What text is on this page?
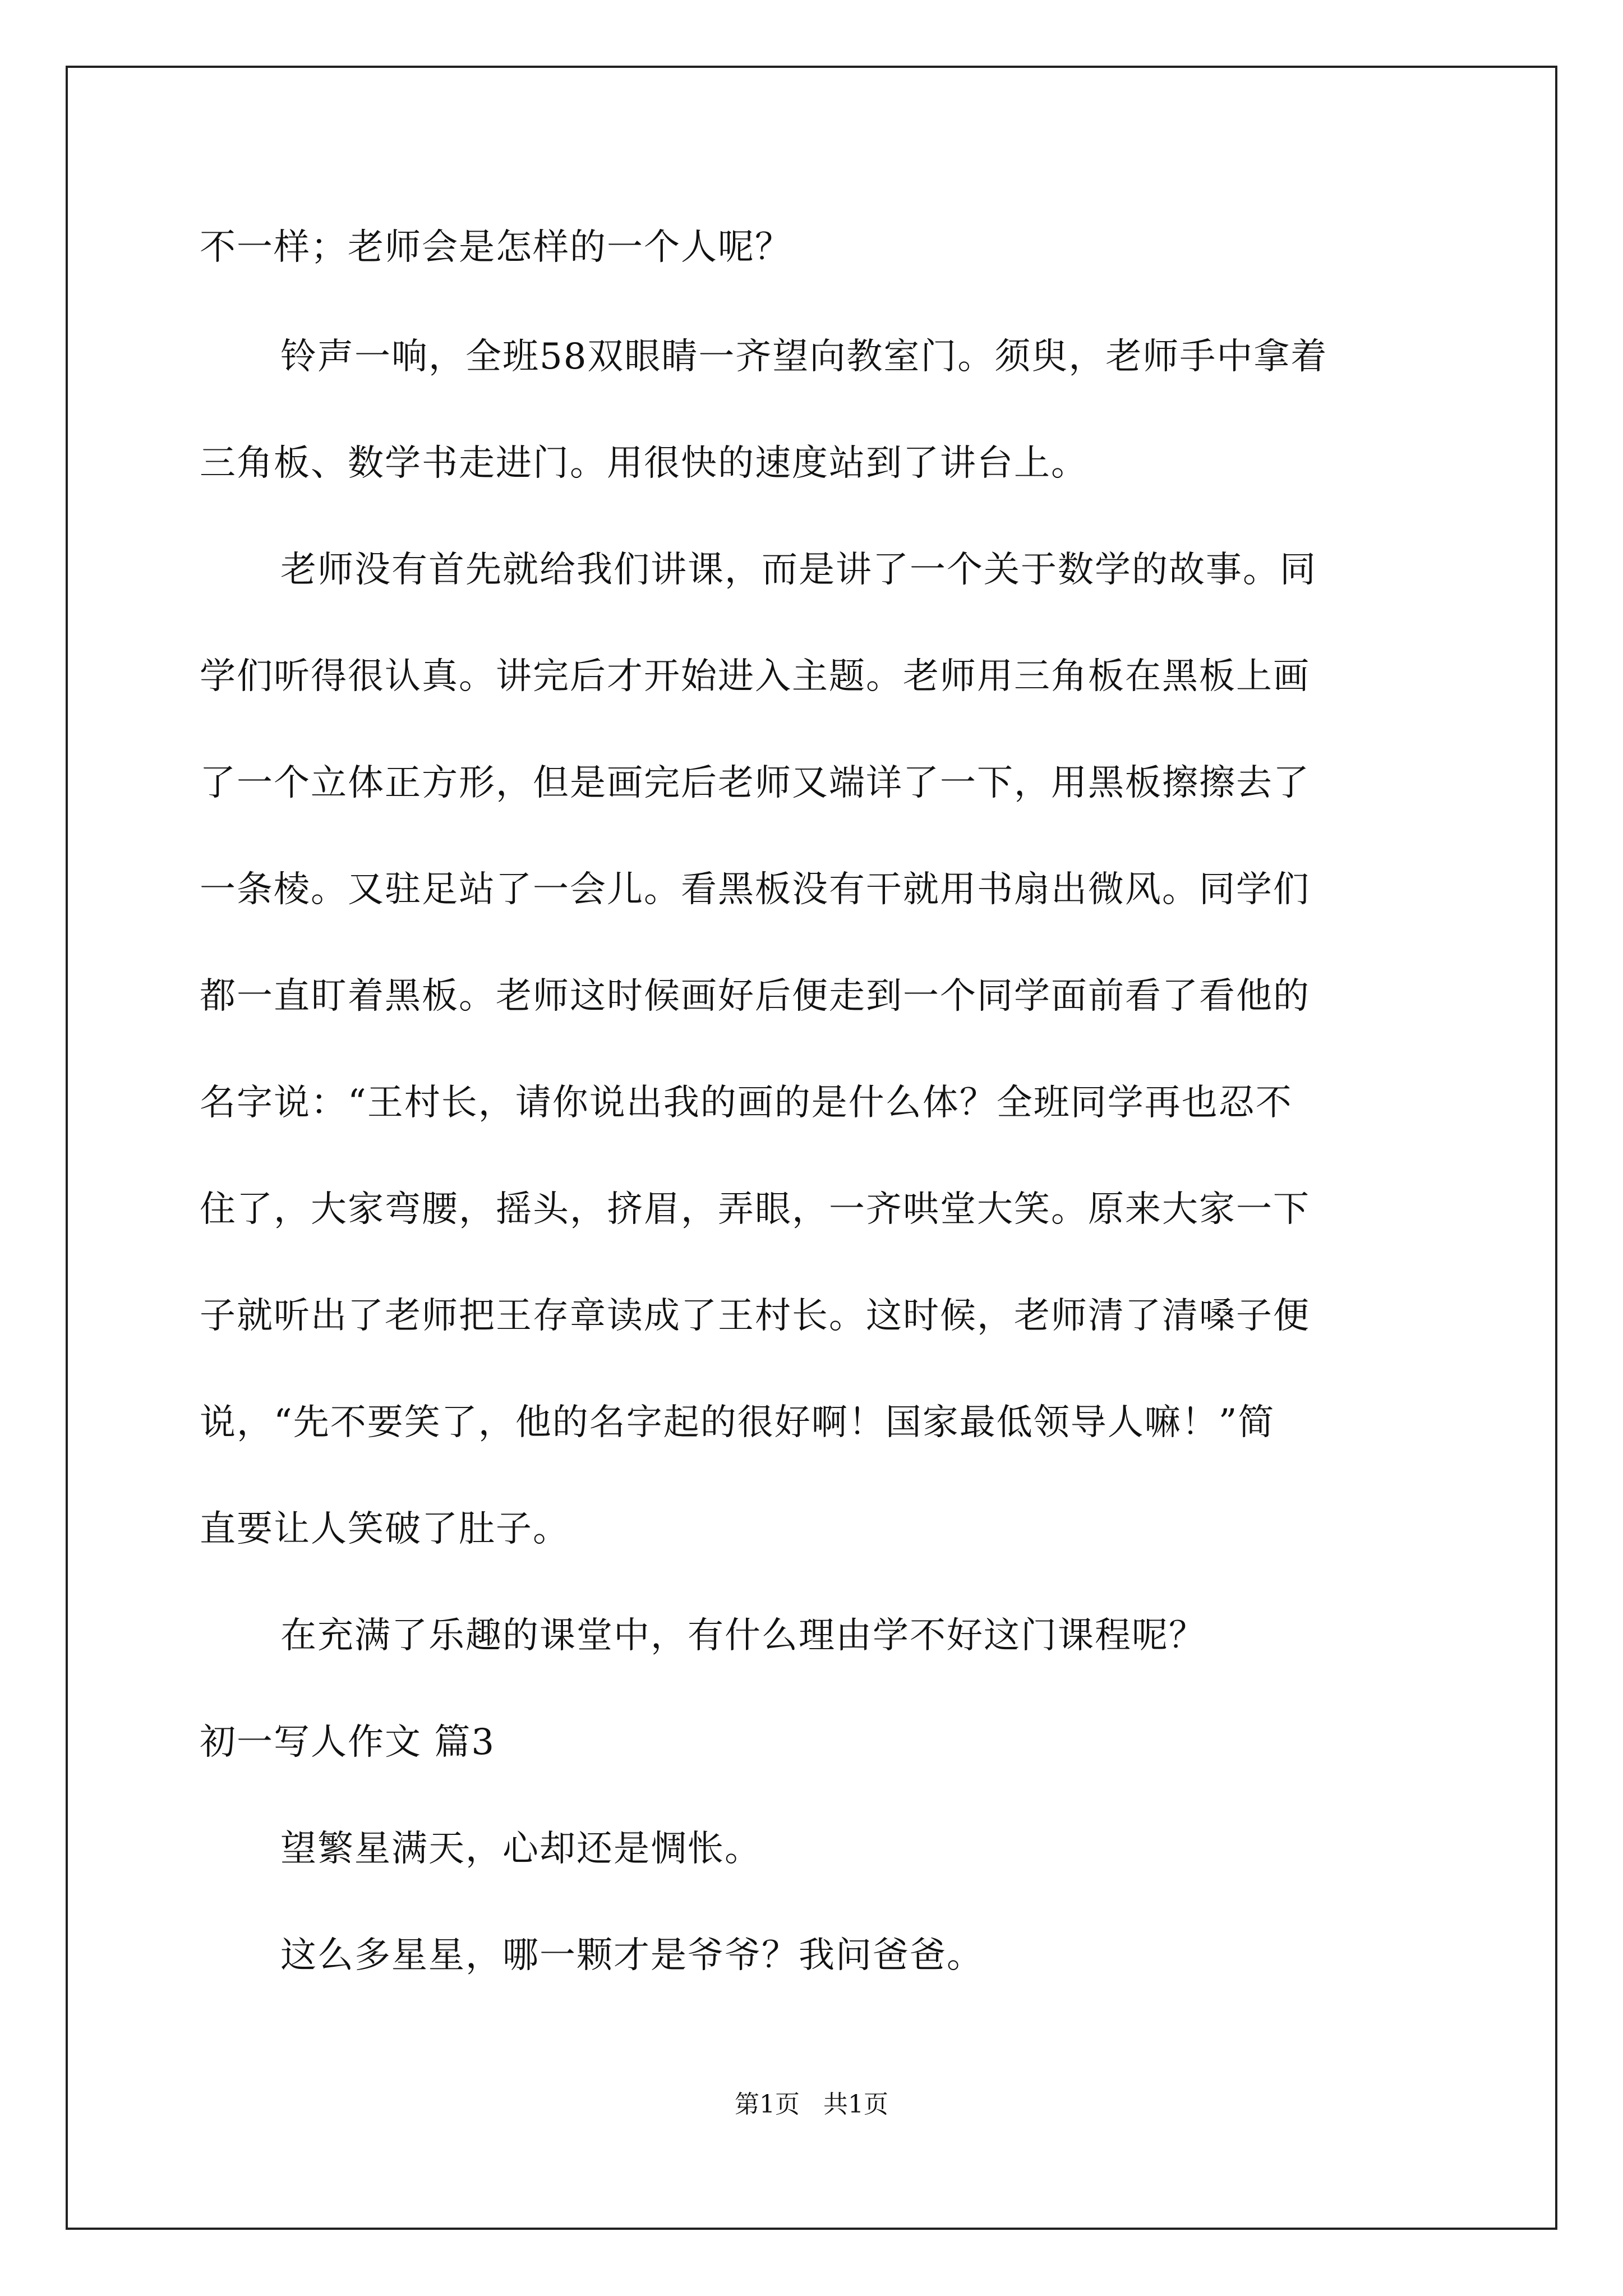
不一样；老师会是怎样的一个人呢？
铃声一响，全班58双眼睛一齐望向教室门。须臾，老师手中拿着
三角板、数学书走进门。用很快的速度站到了讲台上。
老师没有首先就给我们讲课，而是讲了一个关于数学的故事。同
学们听得很认真。讲完后才开始进入主题。老师用三角板在黑板上画
了一个立体正方形，但是画完后老师又端详了一下，用黑板擦擦去了
一条棱。又驻足站了一会儿。看黑板没有干就用书扇出微风。同学们
都一直盯着黑板。老师这时候画好后便走到一个同学面前看了看他的
名字说：“王村长，请你说出我的画的是什么体？全班同学再也忍不
住了，大家弯腰，摇头，挤眉，弄眼，一齐哄堂大笑。原来大家一下
子就听出了老师把王存章读成了王村长。这时候，老师清了清嗓子便
说，“先不要笑了，他的名字起的很好啊！国家最低领导人嘛！”简
直要让人笑破了肚子。
在充满了乐趣的课堂中，有什么理由学不好这门课程呢？
初一写人作文 篇3
望繁星满天，心却还是惆怅。
这么多星星，哪一颗才是爷爷？我问爸爸。
第1页   共1页
